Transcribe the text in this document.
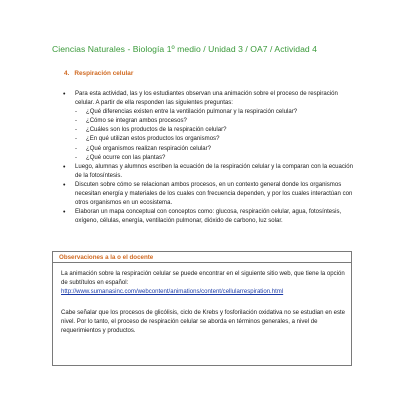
Ciencias Naturales - Biología 1º medio / Unidad 3 / OA7 / Actividad 4
4. Respiración celular
• Para esta actividad, las y los estudiantes observan una animación sobre el proceso de respiración celular. A partir de ella responden las siguientes preguntas:
- ¿Qué diferencias existen entre la ventilación pulmonar y la respiración celular?
- ¿Cómo se integran ambos procesos?
- ¿Cuáles son los productos de la respiración celular?
- ¿En qué utilizan estos productos los organismos?
- ¿Qué organismos realizan respiración celular?
- ¿Qué ocurre con las plantas?
• Luego, alumnas y alumnos escriben la ecuación de la respiración celular y la comparan con la ecuación de la fotosíntesis.
• Discuten sobre cómo se relacionan ambos procesos, en un contexto general donde los organismos necesitan energía y materiales de los cuales con frecuencia dependen, y por los cuales interactúan con otros organismos en un ecosistema.
• Elaboran un mapa conceptual con conceptos como: glucosa, respiración celular, agua, fotosíntesis, oxígeno, células, energía, ventilación pulmonar, dióxido de carbono, luz solar.
Observaciones a la o el docente

La animación sobre la respiración celular se puede encontrar en el siguiente sitio web, que tiene la opción de subtítulos en español:
http://www.sumanasinc.com/webcontent/animations/content/cellularrespiration.html

Cabe señalar que los procesos de glicólisis, ciclo de Krebs y fosforilación oxidativa no se estudian en este nivel. Por lo tanto, el proceso de respiración celular se aborda en términos generales, a nivel de requerimientos y productos.
